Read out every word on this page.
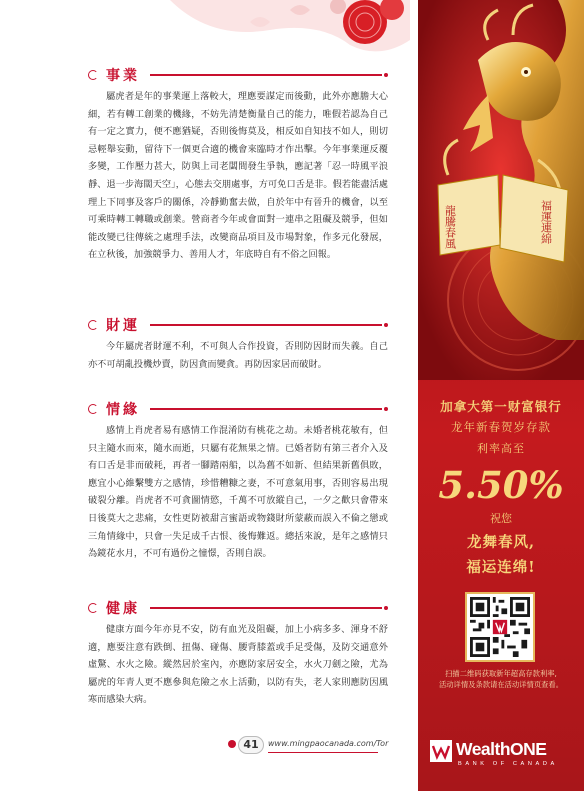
事業

屬虎者是年的事業運上落較大，理應要謀定而後動，此外亦應膽大心細，若有轉工創業的機緣，不妨先清楚衡量自己的能力，唯假若認為自己有一定之實力，便不應猶疑，否則後悔莫及，相反如自知技不如人，則切忌輕舉妄動，留待下一個更合適的機會來臨時才作出擊。今年事業運反覆多變，工作壓力甚大，防與上司老闆間發生爭執，應記著「忍一時風平浪靜、退一步海闊天空」，心態去交朋處事，方可免口舌是非。假若能盡活處理上下同事及客戶的關係，冷靜勤奮去做，自於年中有晉升的機會，以至可乘時轉工轉職或創業。營商者今年或會面對一連串之阻礙及競爭，但如能改變已往傳統之處理手法，改變商品項目及市場對象，作多元化發展，在立秋後，加強競爭力、善用人才，年底時自有不俗之回報。

財運

今年屬虎者財運不利，不可與人合作投資，否則防因財而失義。自己亦不可胡亂投機炒賣，防因貪而變貪。再防因家居而破財。

情緣

感情上肖虎者易有感情工作混淆防有桃花之劫。未婚者桃花敏有，但只主隨水而來，隨水而逝，只屬有花無果之情。已婚者防有第三者介入及有口舌是非而破耗，再者一腳踏兩船，以為舊不如新、但結果新舊俱敗，應宜小心維繫雙方之感情，珍惜糟糠之妻，不可意氣用事，否則容易出現破裂分離。肖虎者不可貪圖情慾，千萬不可放縱自己，一夕之歡只會帶來日後莫大之悲痛，女性更防被甜言蜜語或物錢財所蒙蔽而誤入不倫之戀或三角情緣中，只會一失足成千古恨、後悔難返。總括來說，是年之感情只為鏡花水月，不可有過份之憧憬，否則自誤。

健康

健康方面今年亦見不安，防有血光及阻礙，加上小病多多、渾身不舒適，應要注意有跌倒、扭傷、碰傷、腰背膝蓋或手足受傷，及防交通意外虛驚、水火之險。縱然居於室內，亦應防家居安全，水火刀劍之險，尤為屬虎的年青人更不應參與危險之水上活動，以防有失，老人家則應防因風寒而感染大病。

41	www.mingpaocanada.com/Tor
龍騰春風	福運連綿
加拿大第一财富银行
龙年新春贺岁存款
利率高至
5.50%
祝您
龙舞春风,
福运连绵!
扫描二维码获取新年超高存款利率,
活动详情及条款请在活动详情页查看。
WealthONE
BANK OF CANADA
